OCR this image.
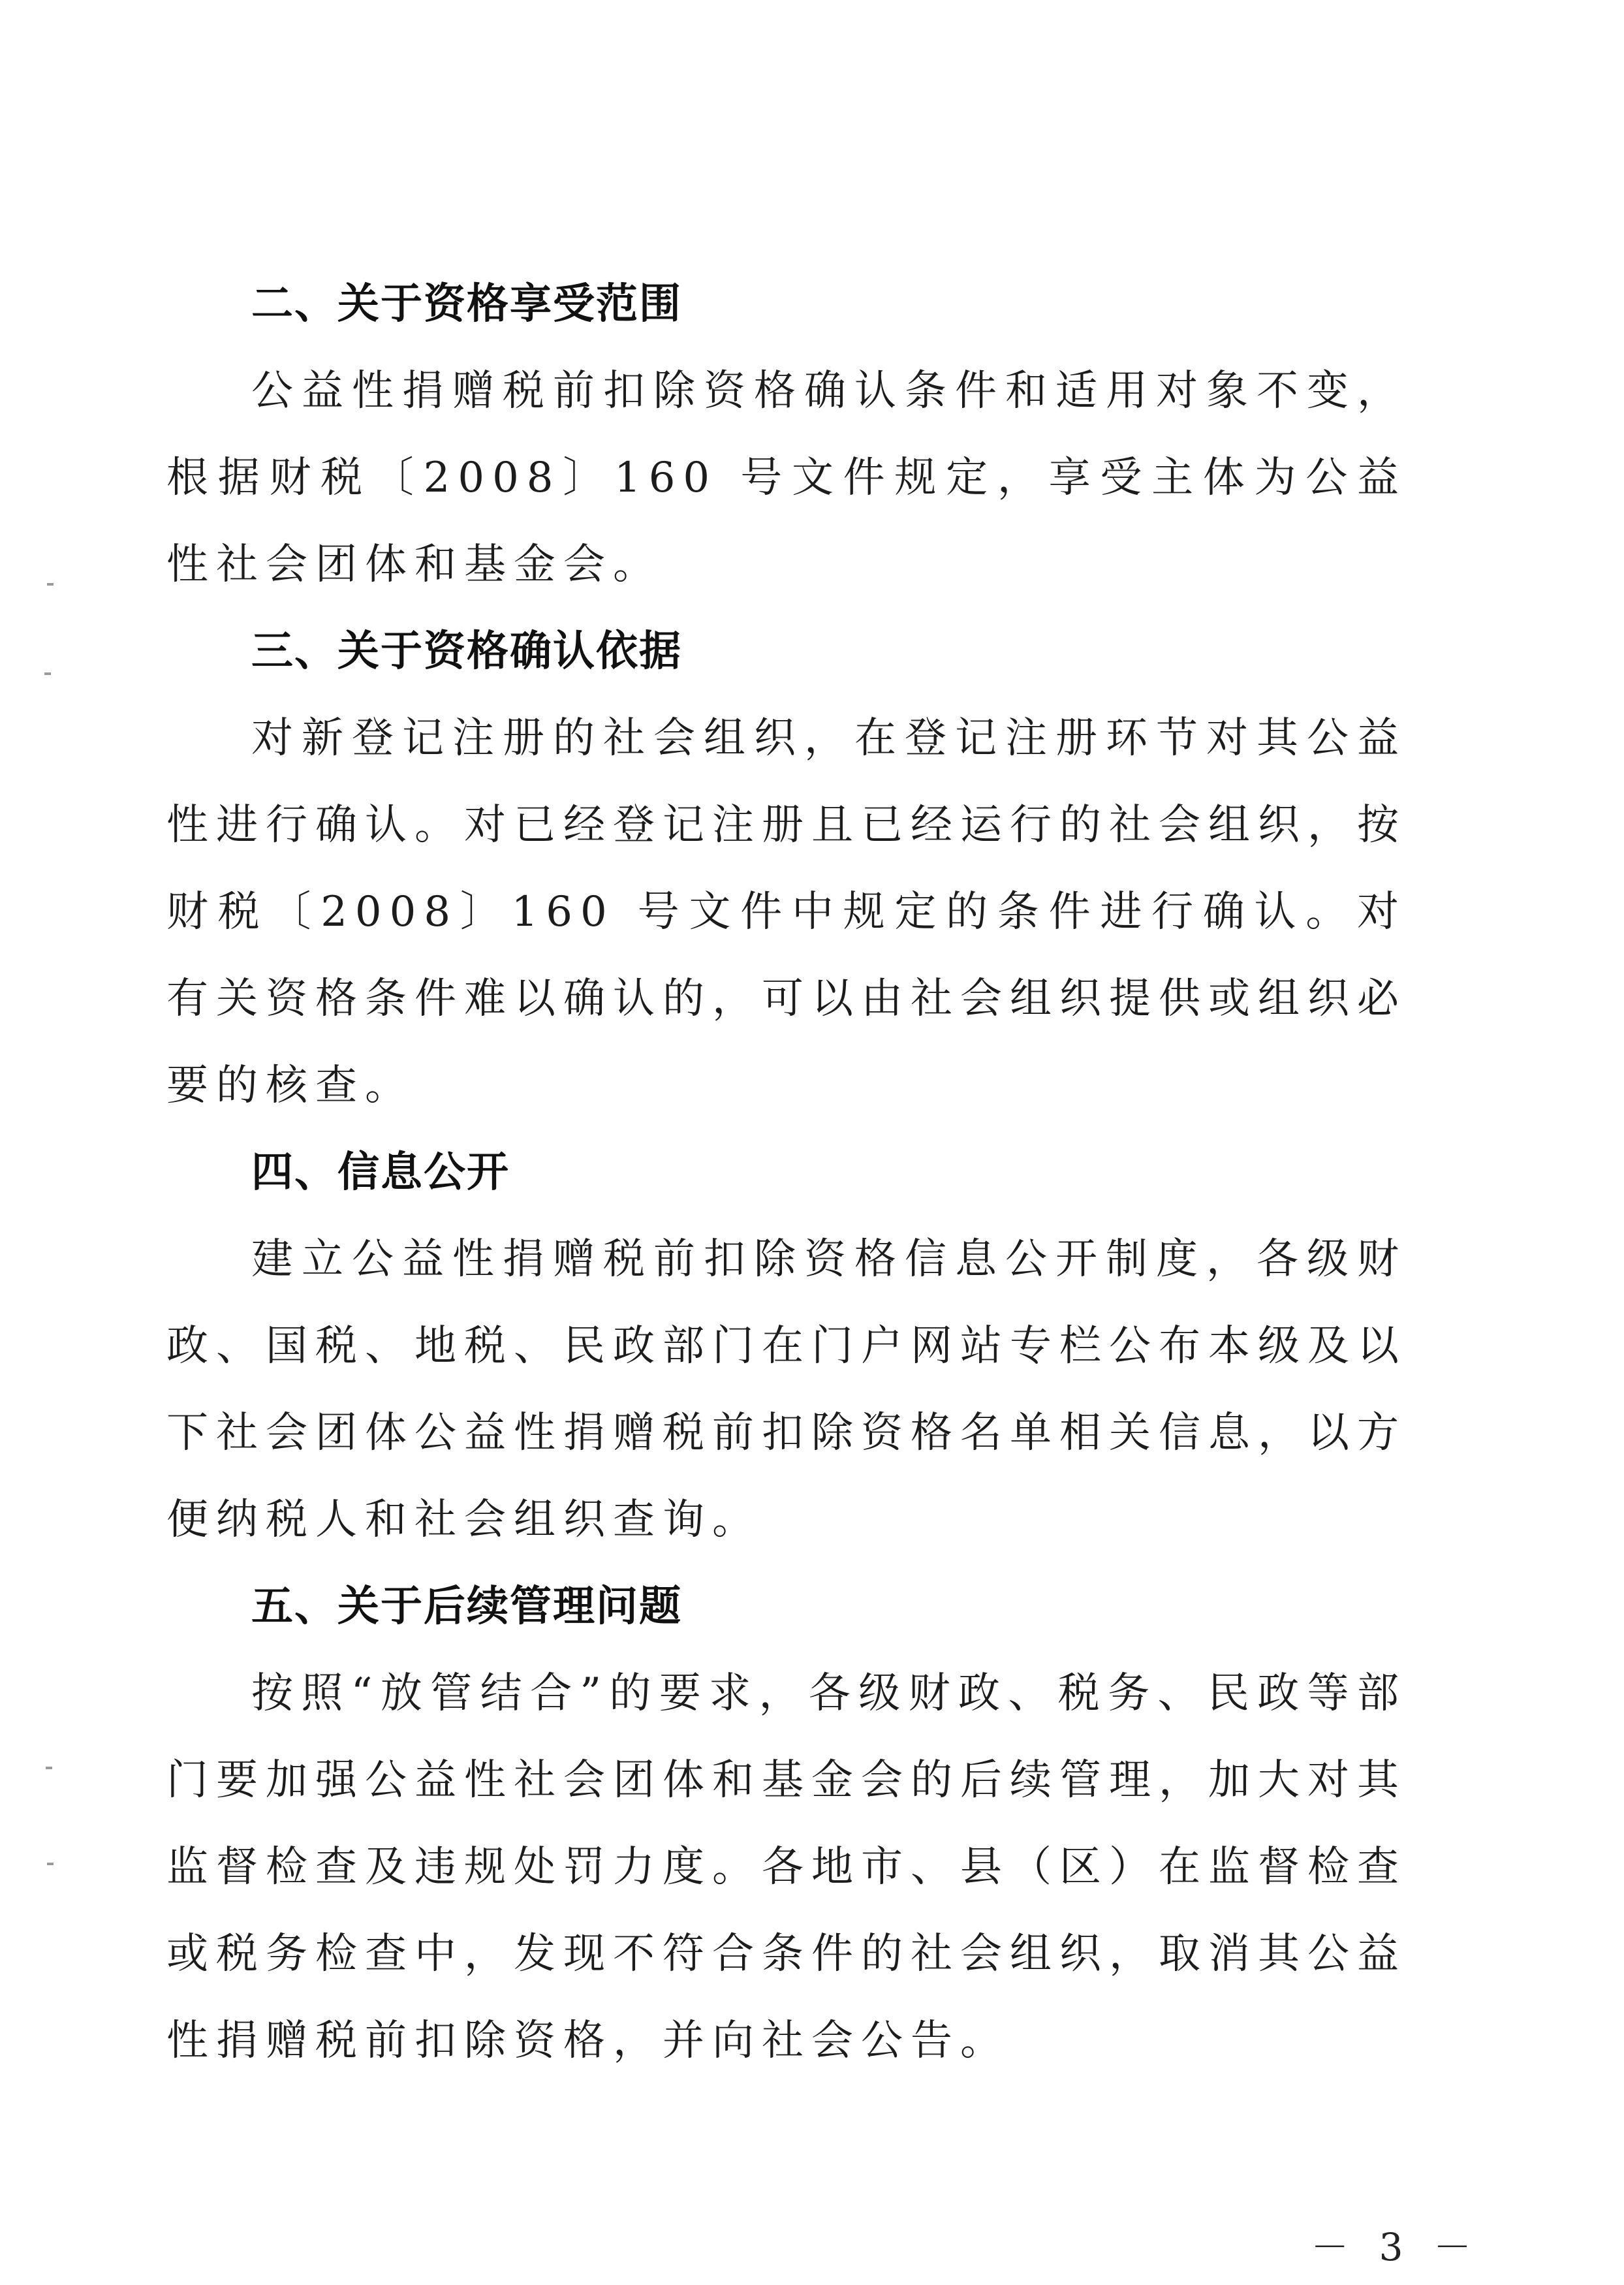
二、关于资格享受范围

公益性捐赠税前扣除资格确认条件和适用对象不变，根据财税〔2008〕160 号文件规定，享受主体为公益性社会团体和基金会。

三、关于资格确认依据

对新登记注册的社会组织，在登记注册环节对其公益性进行确认。对已经登记注册且已经运行的社会组织，按财税〔2008〕160 号文件中规定的条件进行确认。对有关资格条件难以确认的，可以由社会组织提供或组织必要的核查。

四、信息公开

建立公益性捐赠税前扣除资格信息公开制度，各级财政、国税、地税、民政部门在门户网站专栏公布本级及以下社会团体公益性捐赠税前扣除资格名单相关信息，以方便纳税人和社会组织查询。

五、关于后续管理问题

按照“放管结合”的要求，各级财政、税务、民政等部门要加强公益性社会团体和基金会的后续管理，加大对其监督检查及违规处罚力度。各地市、县（区）在监督检查或税务检查中，发现不符合条件的社会组织，取消其公益性捐赠税前扣除资格，并向社会公告。

－ 3 －
